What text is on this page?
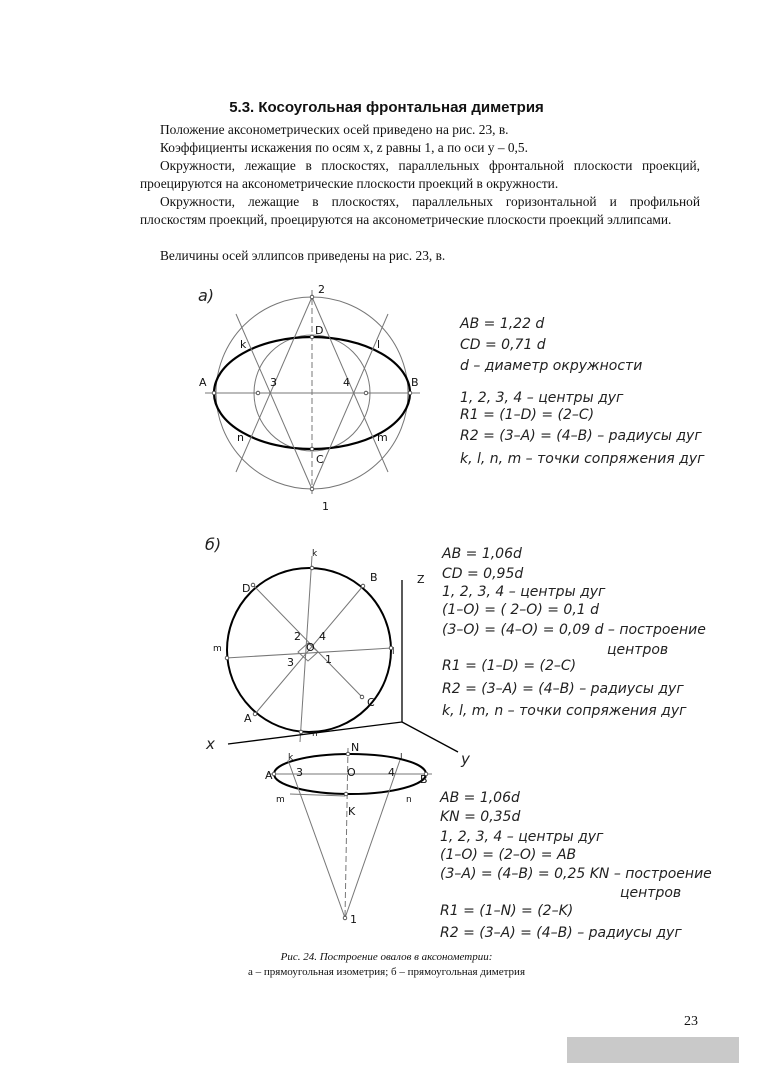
5.3. Косоугольная фронтальная диметрия
Положение аксонометрических осей приведено на рис. 23, в.
Коэффициенты искажения по осям x, z равны 1, а по оси y – 0,5.
Окружности, лежащие в плоскостях, параллельных фронтальной плоскости проекций, проецируются на аксонометрические плоскости проекций в окружности.
Окружности, лежащие в плоскостях, параллельных горизонтальной и профильной плоскостям проекций, проецируются на аксонометрические плоскости проекций эллипсами.
Величины осей эллипсов приведены на рис. 23, в.
а)	2
D
A	B
3	4
C
1
k	l
n	m
AB = 1,22 d
CD = 0,71 d
d – диаметр окружности
1, 2, 3, 4 – центры дуг
R1 = (1–D) = (2–C)
R2 = (3–A) = (4–B) – радиусы дуг
k, l, n, m – точки сопряжения дуг
б)	k
D
B	Z
l
m
2 4
O
3	1
C
A
n
x
y
AB = 1,06d
CD = 0,95d
1, 2, 3, 4 – центры дуг
(1–O) = ( 2–O) = 0,1 d
(3–O) = (4–O) = 0,09 d – построение
центров
R1 = (1–D) = (2–C)
R2 = (3–A) = (4–B) – радиусы дуг
k, l, m, n – точки сопряжения дуг
k
N
l
A	B
3	O	4
m	n
K
1
AB = 1,06d
KN = 0,35d
1, 2, 3, 4 – центры дуг
(1–O) = (2–O) = AB
(3–A) = (4–B) = 0,25 KN – построение
центров
R1 = (1–N) = (2–K)
R2 = (3–A) = (4–B) – радиусы дуг
Рис. 24. Построение овалов в аксонометрии:
а – прямоугольная изометрия; б – прямоугольная диметрия
23
